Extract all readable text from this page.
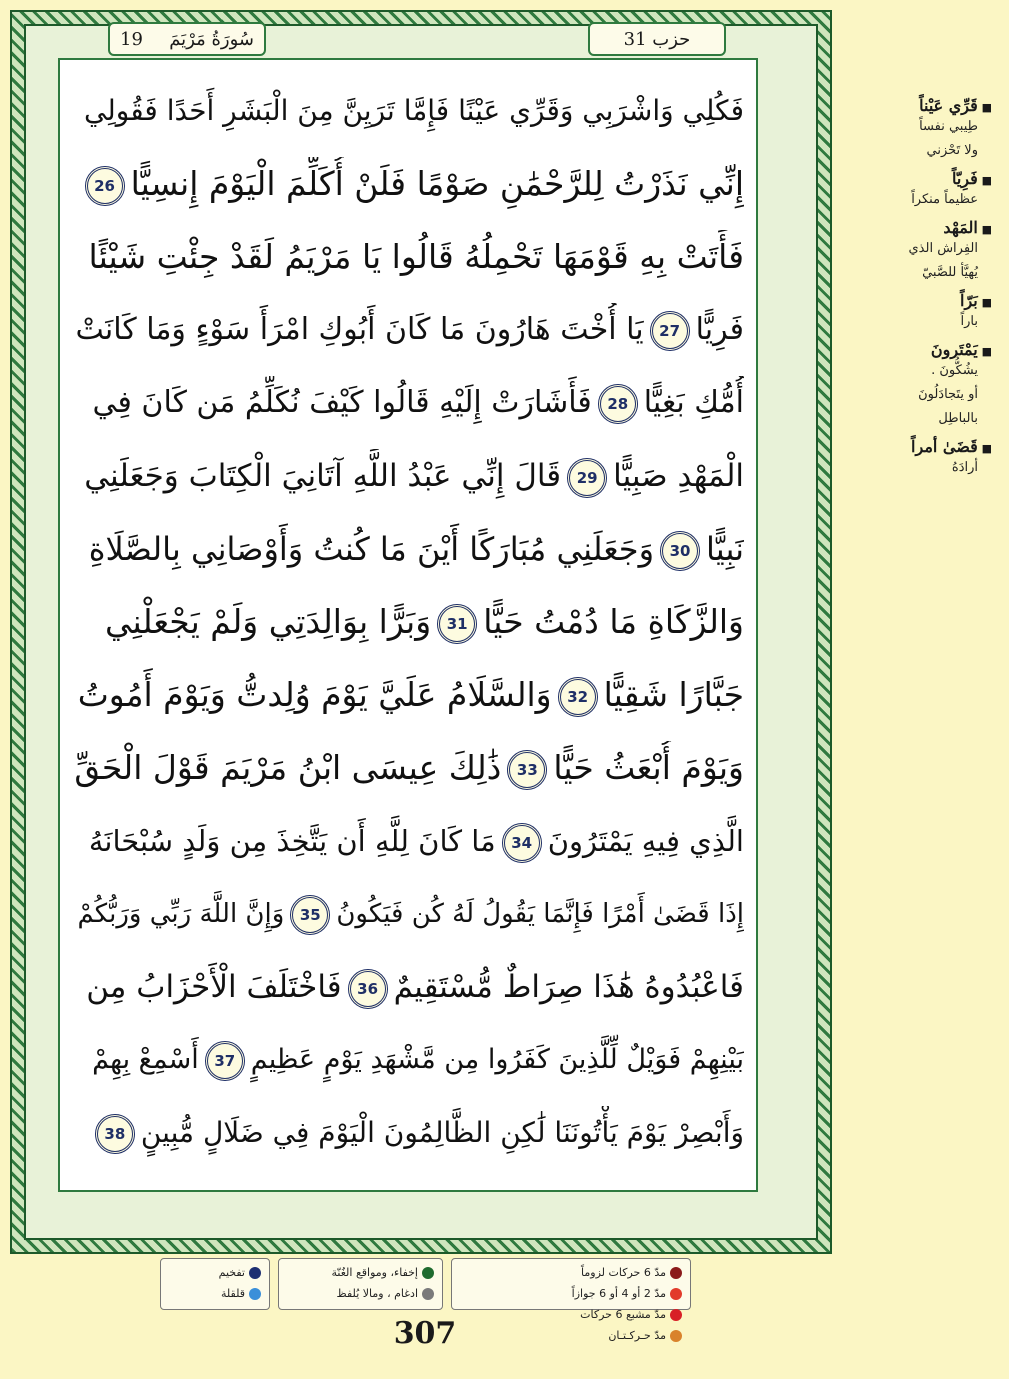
19 سُورَةُ مَرْيَمَ	حزب 31
فَكُلِي وَاشْرَبِي وَقَرِّي عَيْنًا فَإِمَّا تَرَيِنَّ مِنَ الْبَشَرِ أَحَدًا فَقُولِي
إِنِّي نَذَرْتُ لِلرَّحْمَٰنِ صَوْمًا فَلَنْ أُكَلِّمَ الْيَوْمَ إِنسِيًّا26
فَأَتَتْ بِهِ قَوْمَهَا تَحْمِلُهُ قَالُوا يَا مَرْيَمُ لَقَدْ جِئْتِ شَيْئًا
فَرِيًّا27يَا أُخْتَ هَارُونَ مَا كَانَ أَبُوكِ امْرَأَ سَوْءٍ وَمَا كَانَتْ
أُمُّكِ بَغِيًّا28فَأَشَارَتْ إِلَيْهِ قَالُوا كَيْفَ نُكَلِّمُ مَن كَانَ فِي
الْمَهْدِ صَبِيًّا29قَالَ إِنِّي عَبْدُ اللَّهِ آتَانِيَ الْكِتَابَ وَجَعَلَنِي
نَبِيًّا30وَجَعَلَنِي مُبَارَكًا أَيْنَ مَا كُنتُ وَأَوْصَانِي بِالصَّلَاةِ
وَالزَّكَاةِ مَا دُمْتُ حَيًّا31وَبَرًّا بِوَالِدَتِي وَلَمْ يَجْعَلْنِي
جَبَّارًا شَقِيًّا32وَالسَّلَامُ عَلَيَّ يَوْمَ وُلِدتُّ وَيَوْمَ أَمُوتُ
وَيَوْمَ أُبْعَثُ حَيًّا33ذَٰلِكَ عِيسَى ابْنُ مَرْيَمَ قَوْلَ الْحَقِّ
الَّذِي فِيهِ يَمْتَرُونَ34مَا كَانَ لِلَّهِ أَن يَتَّخِذَ مِن وَلَدٍ سُبْحَانَهُ
إِذَا قَضَىٰ أَمْرًا فَإِنَّمَا يَقُولُ لَهُ كُن فَيَكُونُ35وَإِنَّ اللَّهَ رَبِّي وَرَبُّكُمْ
فَاعْبُدُوهُ هَٰذَا صِرَاطٌ مُّسْتَقِيمٌ36فَاخْتَلَفَ الْأَحْزَابُ مِن
بَيْنِهِمْ فَوَيْلٌ لِّلَّذِينَ كَفَرُوا مِن مَّشْهَدِ يَوْمٍ عَظِيمٍ37أَسْمِعْ بِهِمْ
وَأَبْصِرْ يَوْمَ يَأْتُونَنَا لَٰكِنِ الظَّالِمُونَ الْيَوْمَ فِي ضَلَالٍ مُّبِينٍ38
تفخيم
قلقلة
إخفاء، ومواقع الغُنّة
ادغام ، ومالا يُلفظ
مدّ 6 حركات لزوماً
مدّ 2 أو 4 أو 6 جوازاً
مدّ مشبع 6 حركات
مدّ حـركـتـان
307
■ قَرِّي عَيْناً
طِيبي نفساً
ولا تَحْزني
■ فَرِيّاً
عظيماً منكراً
■ المَهْد
الفِراش الذي
يُهيَّأ للصَّبيّ
■ بَرّاً
باراً
■ يَمْتَرونَ
يشُكُّونَ .
أو يتَجادَلُونَ
بالباطِل
■ قَضَىٰ أمراً
أرادَهُ
